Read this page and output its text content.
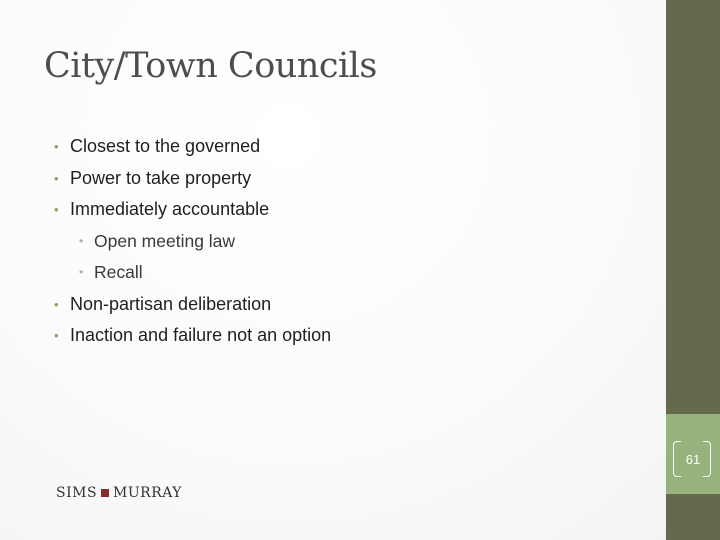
City/Town Councils
• Closest to the governed
• Power to take property
• Immediately accountable
• Open meeting law
• Recall
• Non-partisan deliberation
• Inaction and failure not an option
61
SIMS MURRAY
